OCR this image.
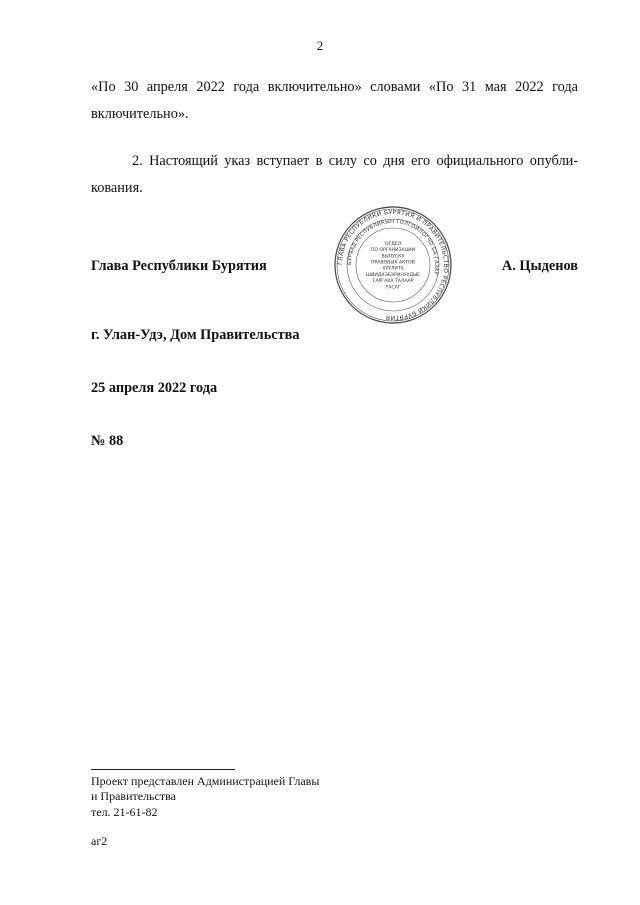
2

«По 30 апреля 2022 года включительно» словами «По 31 мая 2022 года включительно».

2. Настоящий указ вступает в силу со дня его официального опубли-кования.

Глава Республики Бурятия	А. Цыденов
ГЛАВА РЕСПУБЛИКИ БУРЯТИЯ И ПРАВИТЕЛЬСТВО РЕСПУБЛИКИ БУРЯТИЯ
БУРЯАД РЕСПУБЛИКЫН ТОЛГОЙЛОГЧО БА ГАЗАР
ОТДЕЛ
ПО ОРГАНИЗАЦИИ
ВЫПУСКА
ПРАВОВЫХ АКТОВ
ХУУЛИТА
ШИИДХЭБЭРИНУУДЫЕ
ГАРГАХА ТАЛААР
ТАСАГ
г. Улан-Удэ, Дом Правительства
25 апреля 2022 года
№ 88
Проект представлен Администрацией Главы
и Правительства
тел. 21-61-82
аг2
